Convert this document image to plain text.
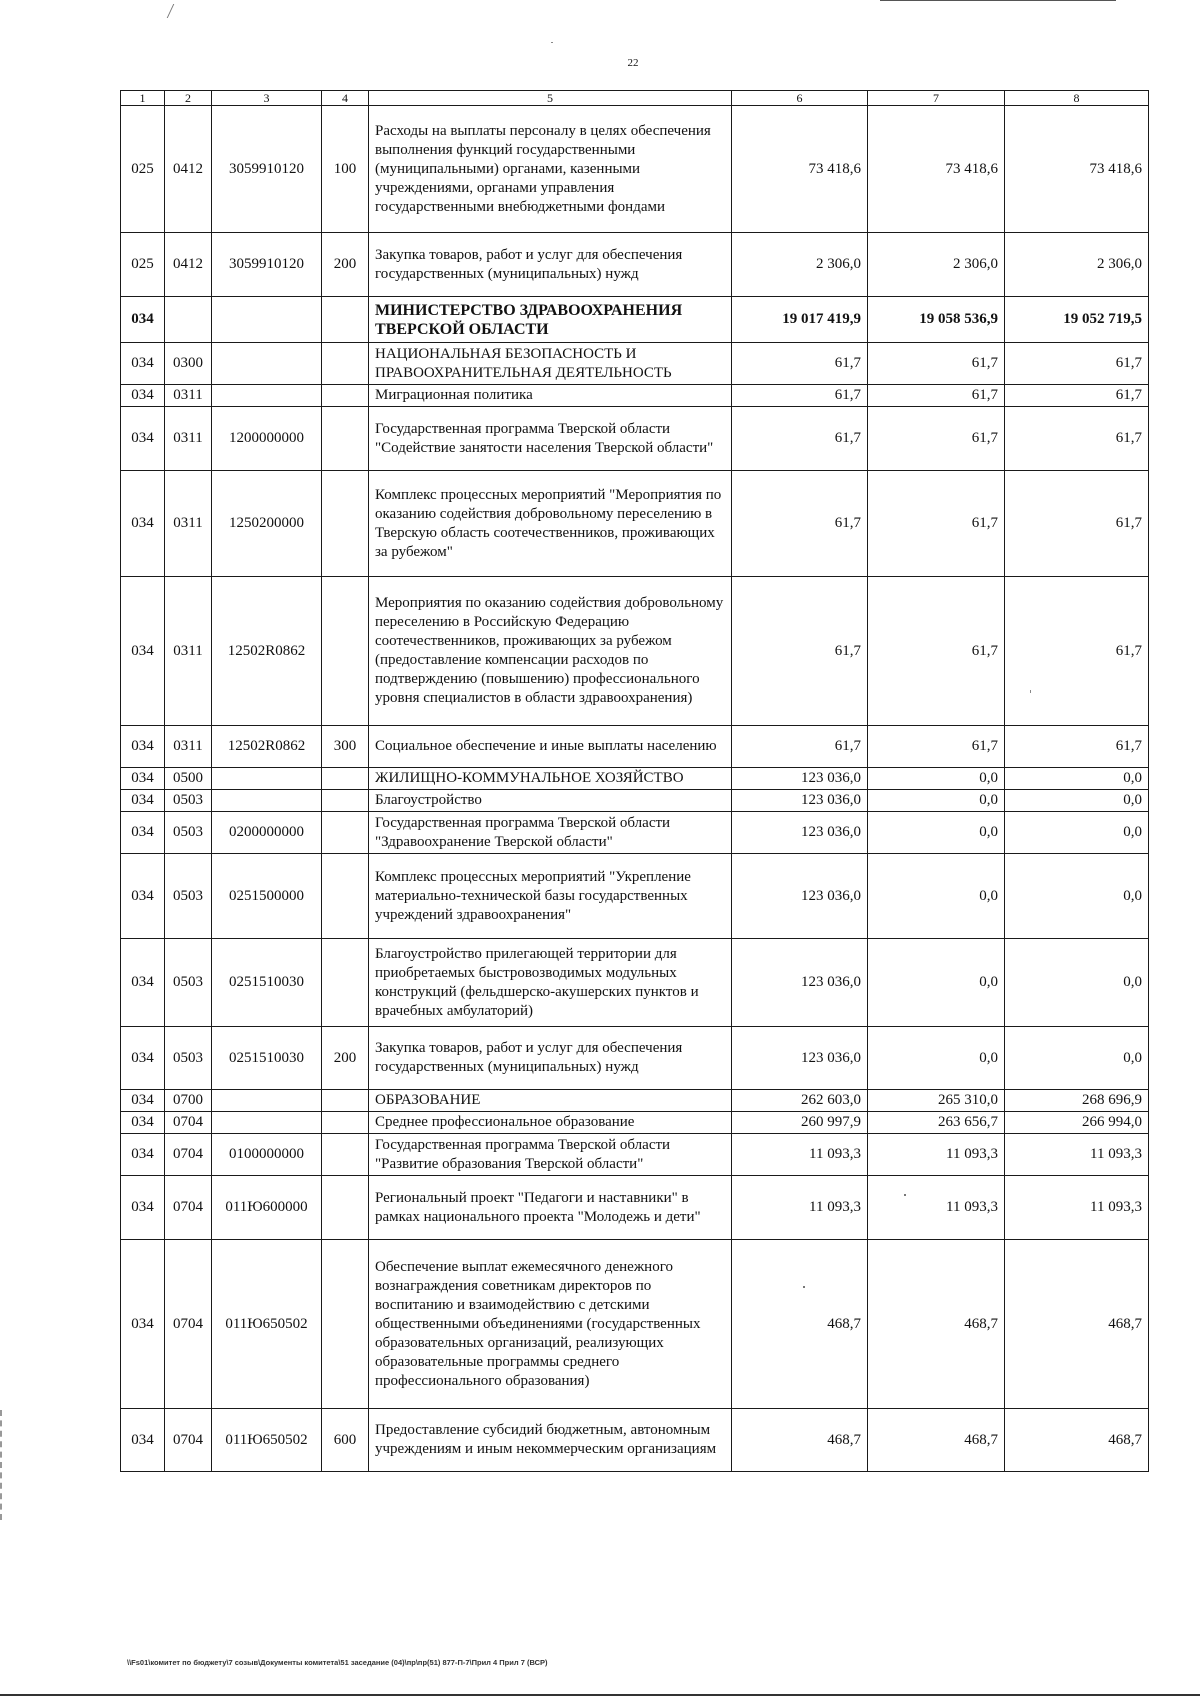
22
1	2	3	4	5	6	7	8
025	0412	3059910120	100	Расходы на выплаты персоналу в целях обеспечения выполнения функций государственными (муниципальными) органами, казенными учреждениями, органами управления государственными внебюджетными фондами	73 418,6	73 418,6	73 418,6
025	0412	3059910120	200	Закупка товаров, работ и услуг для обеспечения государственных (муниципальных) нужд	2 306,0	2 306,0	2 306,0
034				МИНИСТЕРСТВО ЗДРАВООХРАНЕНИЯ ТВЕРСКОЙ ОБЛАСТИ	19 017 419,9	19 058 536,9	19 052 719,5
034	0300			НАЦИОНАЛЬНАЯ БЕЗОПАСНОСТЬ И ПРАВООХРАНИТЕЛЬНАЯ ДЕЯТЕЛЬНОСТЬ	61,7	61,7	61,7
034	0311			Миграционная политика	61,7	61,7	61,7
034	0311	1200000000		Государственная программа Тверской области "Содействие занятости населения Тверской области"	61,7	61,7	61,7
034	0311	1250200000		Комплекс процессных мероприятий "Мероприятия по оказанию содействия добровольному переселению в Тверскую область соотечественников, проживающих за рубежом"	61,7	61,7	61,7
034	0311	12502R0862		Мероприятия по оказанию содействия добровольному переселению в Российскую Федерацию соотечественников, проживающих за рубежом (предоставление компенсации расходов по подтверждению (повышению) профессионального уровня специалистов в области здравоохранения)	61,7	61,7	61,7
034	0311	12502R0862	300	Социальное обеспечение и иные выплаты населению	61,7	61,7	61,7
034	0500			ЖИЛИЩНО-КОММУНАЛЬНОЕ ХОЗЯЙСТВО	123 036,0	0,0	0,0
034	0503			Благоустройство	123 036,0	0,0	0,0
034	0503	0200000000		Государственная программа Тверской области "Здравоохранение Тверской области"	123 036,0	0,0	0,0
034	0503	0251500000		Комплекс процессных мероприятий "Укрепление материально-технической базы государственных учреждений здравоохранения"	123 036,0	0,0	0,0
034	0503	0251510030		Благоустройство прилегающей территории для приобретаемых быстровозводимых модульных конструкций (фельдшерско-акушерских пунктов и врачебных амбулаторий)	123 036,0	0,0	0,0
034	0503	0251510030	200	Закупка товаров, работ и услуг для обеспечения государственных (муниципальных) нужд	123 036,0	0,0	0,0
034	0700			ОБРАЗОВАНИЕ	262 603,0	265 310,0	268 696,9
034	0704			Среднее профессиональное образование	260 997,9	263 656,7	266 994,0
034	0704	0100000000		Государственная программа Тверской области "Развитие образования Тверской области"	11 093,3	11 093,3	11 093,3
034	0704	011Ю600000		Региональный проект "Педагоги и наставники" в рамках национального проекта "Молодежь и дети"	11 093,3	11 093,3	11 093,3
034	0704	011Ю650502		Обеспечение выплат ежемесячного денежного вознаграждения советникам директоров по воспитанию и взаимодействию с детскими общественными объединениями (государственных образовательных организаций, реализующих образовательные программы среднего профессионального образования)	468,7	468,7	468,7
034	0704	011Ю650502	600	Предоставление субсидий бюджетным, автономным учреждениям и иным некоммерческим организациям	468,7	468,7	468,7
\\Fs01\комитет по бюджету\7 созыв\Документы комитета\51 заседание (04)\пр\пр(51) 877-П-7\Прил 4 Прил 7 (ВСР)
